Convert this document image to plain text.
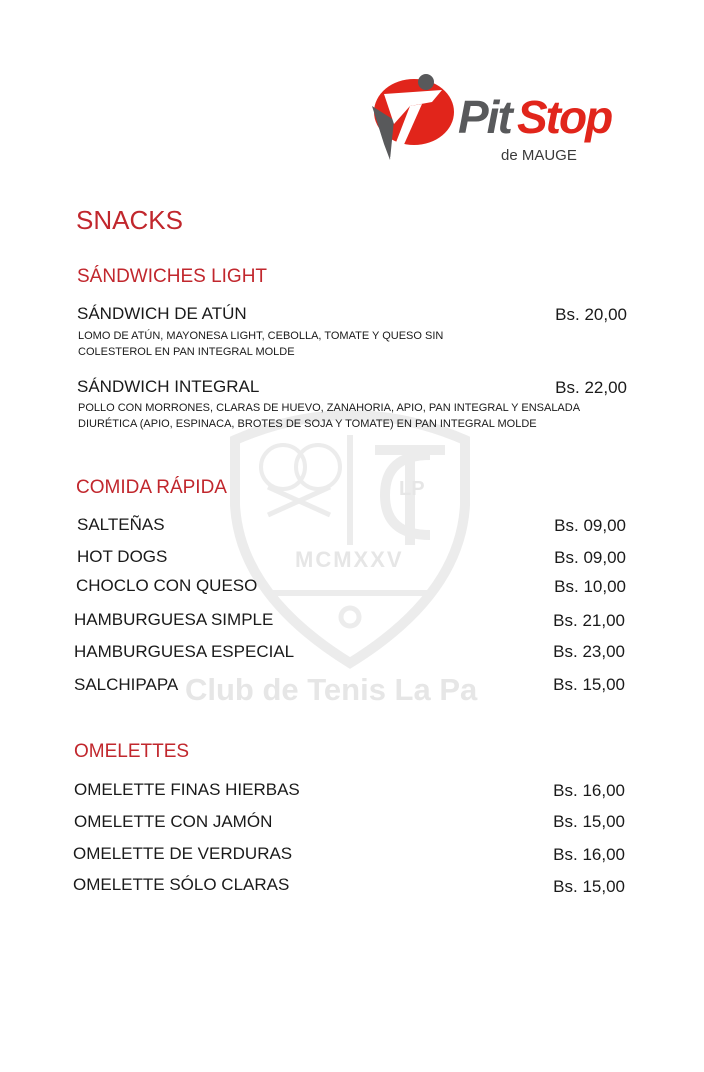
Pit Stop
de MAUGE
LP
MCMXXV
Club de Tenis La Pa
SNACKS
SÁNDWICHES LIGHT
SÁNDWICH DE ATÚN	Bs. 20,00
LOMO DE ATÚN, MAYONESA LIGHT, CEBOLLA, TOMATE Y QUESO SIN
COLESTEROL EN PAN INTEGRAL MOLDE
SÁNDWICH INTEGRAL	Bs. 22,00
POLLO CON MORRONES, CLARAS DE HUEVO, ZANAHORIA, APIO, PAN INTEGRAL Y ENSALADA
DIURÉTICA (APIO, ESPINACA, BROTES DE SOJA Y TOMATE) EN PAN INTEGRAL MOLDE
COMIDA RÁPIDA
SALTEÑAS	Bs. 09,00
HOT DOGS	Bs. 09,00
CHOCLO CON QUESO	Bs. 10,00
HAMBURGUESA SIMPLE	Bs. 21,00
HAMBURGUESA ESPECIAL	Bs. 23,00
SALCHIPAPA	Bs. 15,00
OMELETTES
OMELETTE FINAS HIERBAS	Bs. 16,00
OMELETTE CON JAMÓN	Bs. 15,00
OMELETTE DE VERDURAS	Bs. 16,00
OMELETTE SÓLO CLARAS	Bs. 15,00
